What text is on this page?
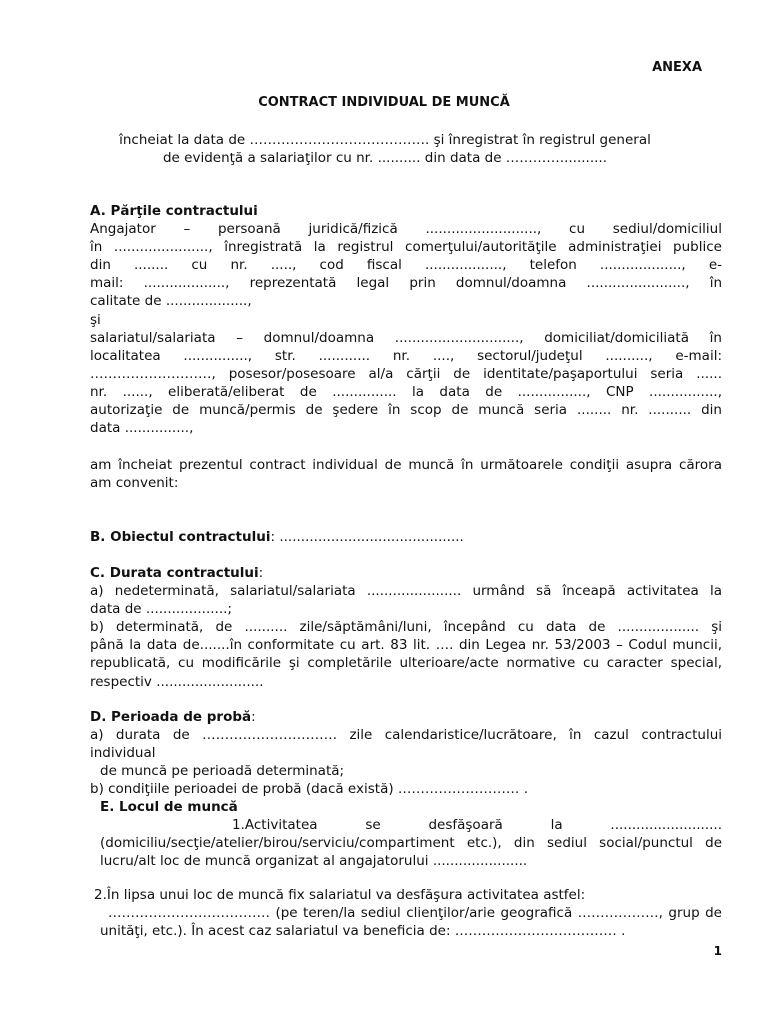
ANEXA
CONTRACT INDIVIDUAL DE MUNCĂ
încheiat la data de …………………………………. şi înregistrat în registrul general
de evidenţă a salariaţilor cu nr. .......... din data de …………...........
A. Părţile contractului
Angajator – persoană juridică/fizică .........................., cu sediul/domiciliul
în ......................, înregistrată la registrul comerţului/autorităţile administraţiei publice
din ........ cu nr. ....., cod fiscal .................., telefon ..................., e-
mail: ..................., reprezentată legal prin domnul/doamna ......................., în
calitate de ...................,
şi
salariatul/salariata – domnul/doamna ............................., domiciliat/domiciliată în
localitatea ..............., str. ............ nr. ...., sectorul/judeţul .........., e-mail:
………………………, posesor/posesoare al/a cărţii de identitate/paşaportului seria ......
nr. ......, eliberată/eliberat de ............... la data de ................, CNP ................,
autorizaţie de muncă/permis de şedere în scop de muncă seria ........ nr. .......... din
data ...............,
am încheiat prezentul contract individual de muncă în următoarele condiţii asupra cărora
am convenit:
B. Obiectul contractului: ...........................................
C. Durata contractului:
a) nedeterminată, salariatul/salariata ...................... urmând să înceapă activitatea la
data de ...................;
b) determinată, de .......... zile/săptămâni/luni, începând cu data de ................... şi
până la data de.......în conformitate cu art. 83 lit. …. din Legea nr. 53/2003 – Codul muncii,
republicată, cu modificările şi completările ulterioare/acte normative cu caracter special,
respectiv .........................
D. Perioada de probă:
a) durata de ………………………… zile calendaristice/lucrătoare, în cazul contractului individual
de muncă pe perioadă determinată;
b) condiţiile perioadei de probă (dacă există) ……………………… .
E. Locul de muncă
1.Activitatea se desfăşoară la ..........................
(domiciliu/secţie/atelier/birou/serviciu/compartiment etc.), din sediul social/punctul de
lucru/alt loc de muncă organizat al angajatorului ......................
2.În lipsa unui loc de muncă fix salariatul va desfăşura activitatea astfel:
……………………………… (pe teren/la sediul clienţilor/arie geografică ………………, grup de
unităţi, etc.). În acest caz salariatul va beneficia de: ……………………………… .
1
